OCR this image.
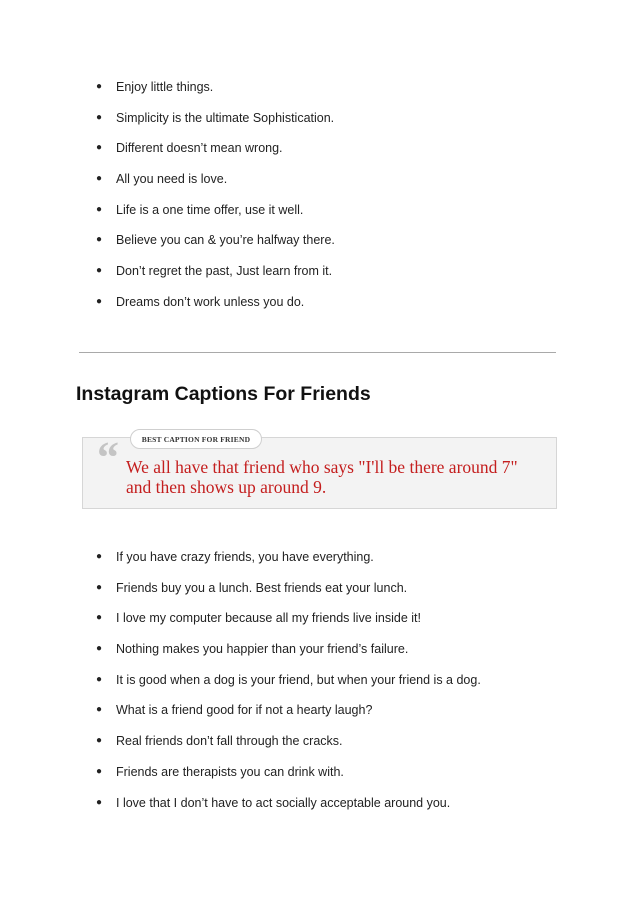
● Enjoy little things.
● Simplicity is the ultimate Sophistication.
● Different doesn’t mean wrong.
● All you need is love.
● Life is a one time offer, use it well.
● Believe you can & you’re halfway there.
● Don’t regret the past, Just learn from it.
● Dreams don’t work unless you do.
Instagram Captions For Friends
BEST CAPTION FOR FRIEND
“ We all have that friend who says "I'll be there around 7" and then shows up around 9.

● If you have crazy friends, you have everything.
● Friends buy you a lunch. Best friends eat your lunch.
● I love my computer because all my friends live inside it!
● Nothing makes you happier than your friend’s failure.
● It is good when a dog is your friend, but when your friend is a dog.
● What is a friend good for if not a hearty laugh?
● Real friends don’t fall through the cracks.
● Friends are therapists you can drink with.
● I love that I don’t have to act socially acceptable around you.
